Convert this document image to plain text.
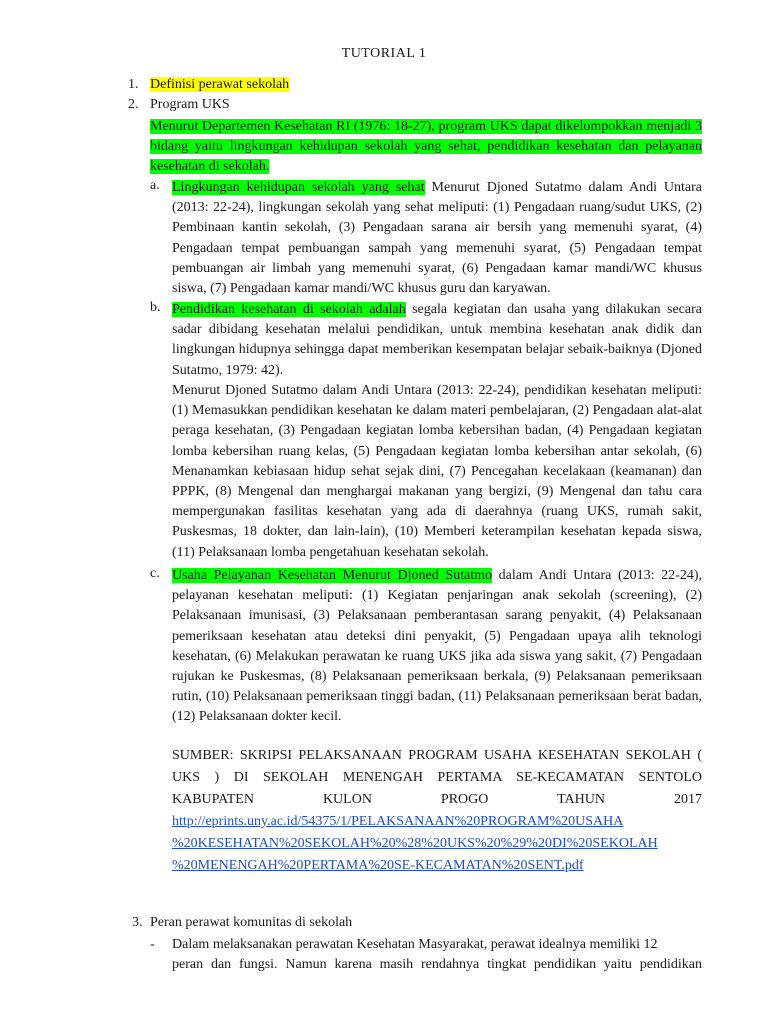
TUTORIAL 1
1. Definisi perawat sekolah
2. Program UKS
Menurut Departemen Kesehatan RI (1976: 18-27), program UKS dapat dikelompokkan menjadi 3 bidang yaitu lingkungan kehidupan sekolah yang sehat, pendidikan kesehatan dan pelayanan kesehatan di sekolah.
a. Lingkungan kehidupan sekolah yang sehat Menurut Djoned Sutatmo dalam Andi Untara (2013: 22-24), lingkungan sekolah yang sehat meliputi: (1) Pengadaan ruang/sudut UKS, (2) Pembinaan kantin sekolah, (3) Pengadaan sarana air bersih yang memenuhi syarat, (4) Pengadaan tempat pembuangan sampah yang memenuhi syarat, (5) Pengadaan tempat pembuangan air limbah yang memenuhi syarat, (6) Pengadaan kamar mandi/WC khusus siswa, (7) Pengadaan kamar mandi/WC khusus guru dan karyawan.
b. Pendidikan kesehatan di sekolah adalah segala kegiatan dan usaha yang dilakukan secara sadar dibidang kesehatan melalui pendidikan, untuk membina kesehatan anak didik dan lingkungan hidupnya sehingga dapat memberikan kesempatan belajar sebaik-baiknya (Djoned Sutatmo, 1979: 42).
Menurut Djoned Sutatmo dalam Andi Untara (2013: 22-24), pendidikan kesehatan meliputi: (1) Memasukkan pendidikan kesehatan ke dalam materi pembelajaran, (2) Pengadaan alat-alat peraga kesehatan, (3) Pengadaan kegiatan lomba kebersihan badan, (4) Pengadaan kegiatan lomba kebersihan ruang kelas, (5) Pengadaan kegiatan lomba kebersihan antar sekolah, (6) Menanamkan kebiasaan hidup sehat sejak dini, (7) Pencegahan kecelakaan (keamanan) dan PPPK, (8) Mengenal dan menghargai makanan yang bergizi, (9) Mengenal dan tahu cara mempergunakan fasilitas kesehatan yang ada di daerahnya (ruang UKS, rumah sakit, Puskesmas, 18 dokter, dan lain-lain), (10) Memberi keterampilan kesehatan kepada siswa, (11) Pelaksanaan lomba pengetahuan kesehatan sekolah.
c. Usaha Pelayanan Kesehatan Menurut Djoned Sutatmo dalam Andi Untara (2013: 22-24), pelayanan kesehatan meliputi: (1) Kegiatan penjaringan anak sekolah (screening), (2) Pelaksanaan imunisasi, (3) Pelaksanaan pemberantasan sarang penyakit, (4) Pelaksanaan pemeriksaan kesehatan atau deteksi dini penyakit, (5) Pengadaan upaya alih teknologi kesehatan, (6) Melakukan perawatan ke ruang UKS jika ada siswa yang sakit, (7) Pengadaan rujukan ke Puskesmas, (8) Pelaksanaan pemeriksaan berkala, (9) Pelaksanaan pemeriksaan rutin, (10) Pelaksanaan pemeriksaan tinggi badan, (11) Pelaksanaan pemeriksaan berat badan, (12) Pelaksanaan dokter kecil.
SUMBER: SKRIPSI PELAKSANAAN PROGRAM USAHA KESEHATAN SEKOLAH ( UKS ) DI SEKOLAH MENENGAH PERTAMA SE-KECAMATAN SENTOLO KABUPATEN KULON PROGO TAHUN 2017
http://eprints.uny.ac.id/54375/1/PELAKSANAAN%20PROGRAM%20USAHA
%20KESEHATAN%20SEKOLAH%20%28%20UKS%20%29%20DI%20SEKOLAH
%20MENENGAH%20PERTAMA%20SE-KECAMATAN%20SENT.pdf
3. Peran perawat komunitas di sekolah
- Dalam melaksanakan perawatan Kesehatan Masyarakat, perawat idealnya memiliki 12
peran dan fungsi. Namun karena masih rendahnya tingkat pendidikan yaitu pendidikan
